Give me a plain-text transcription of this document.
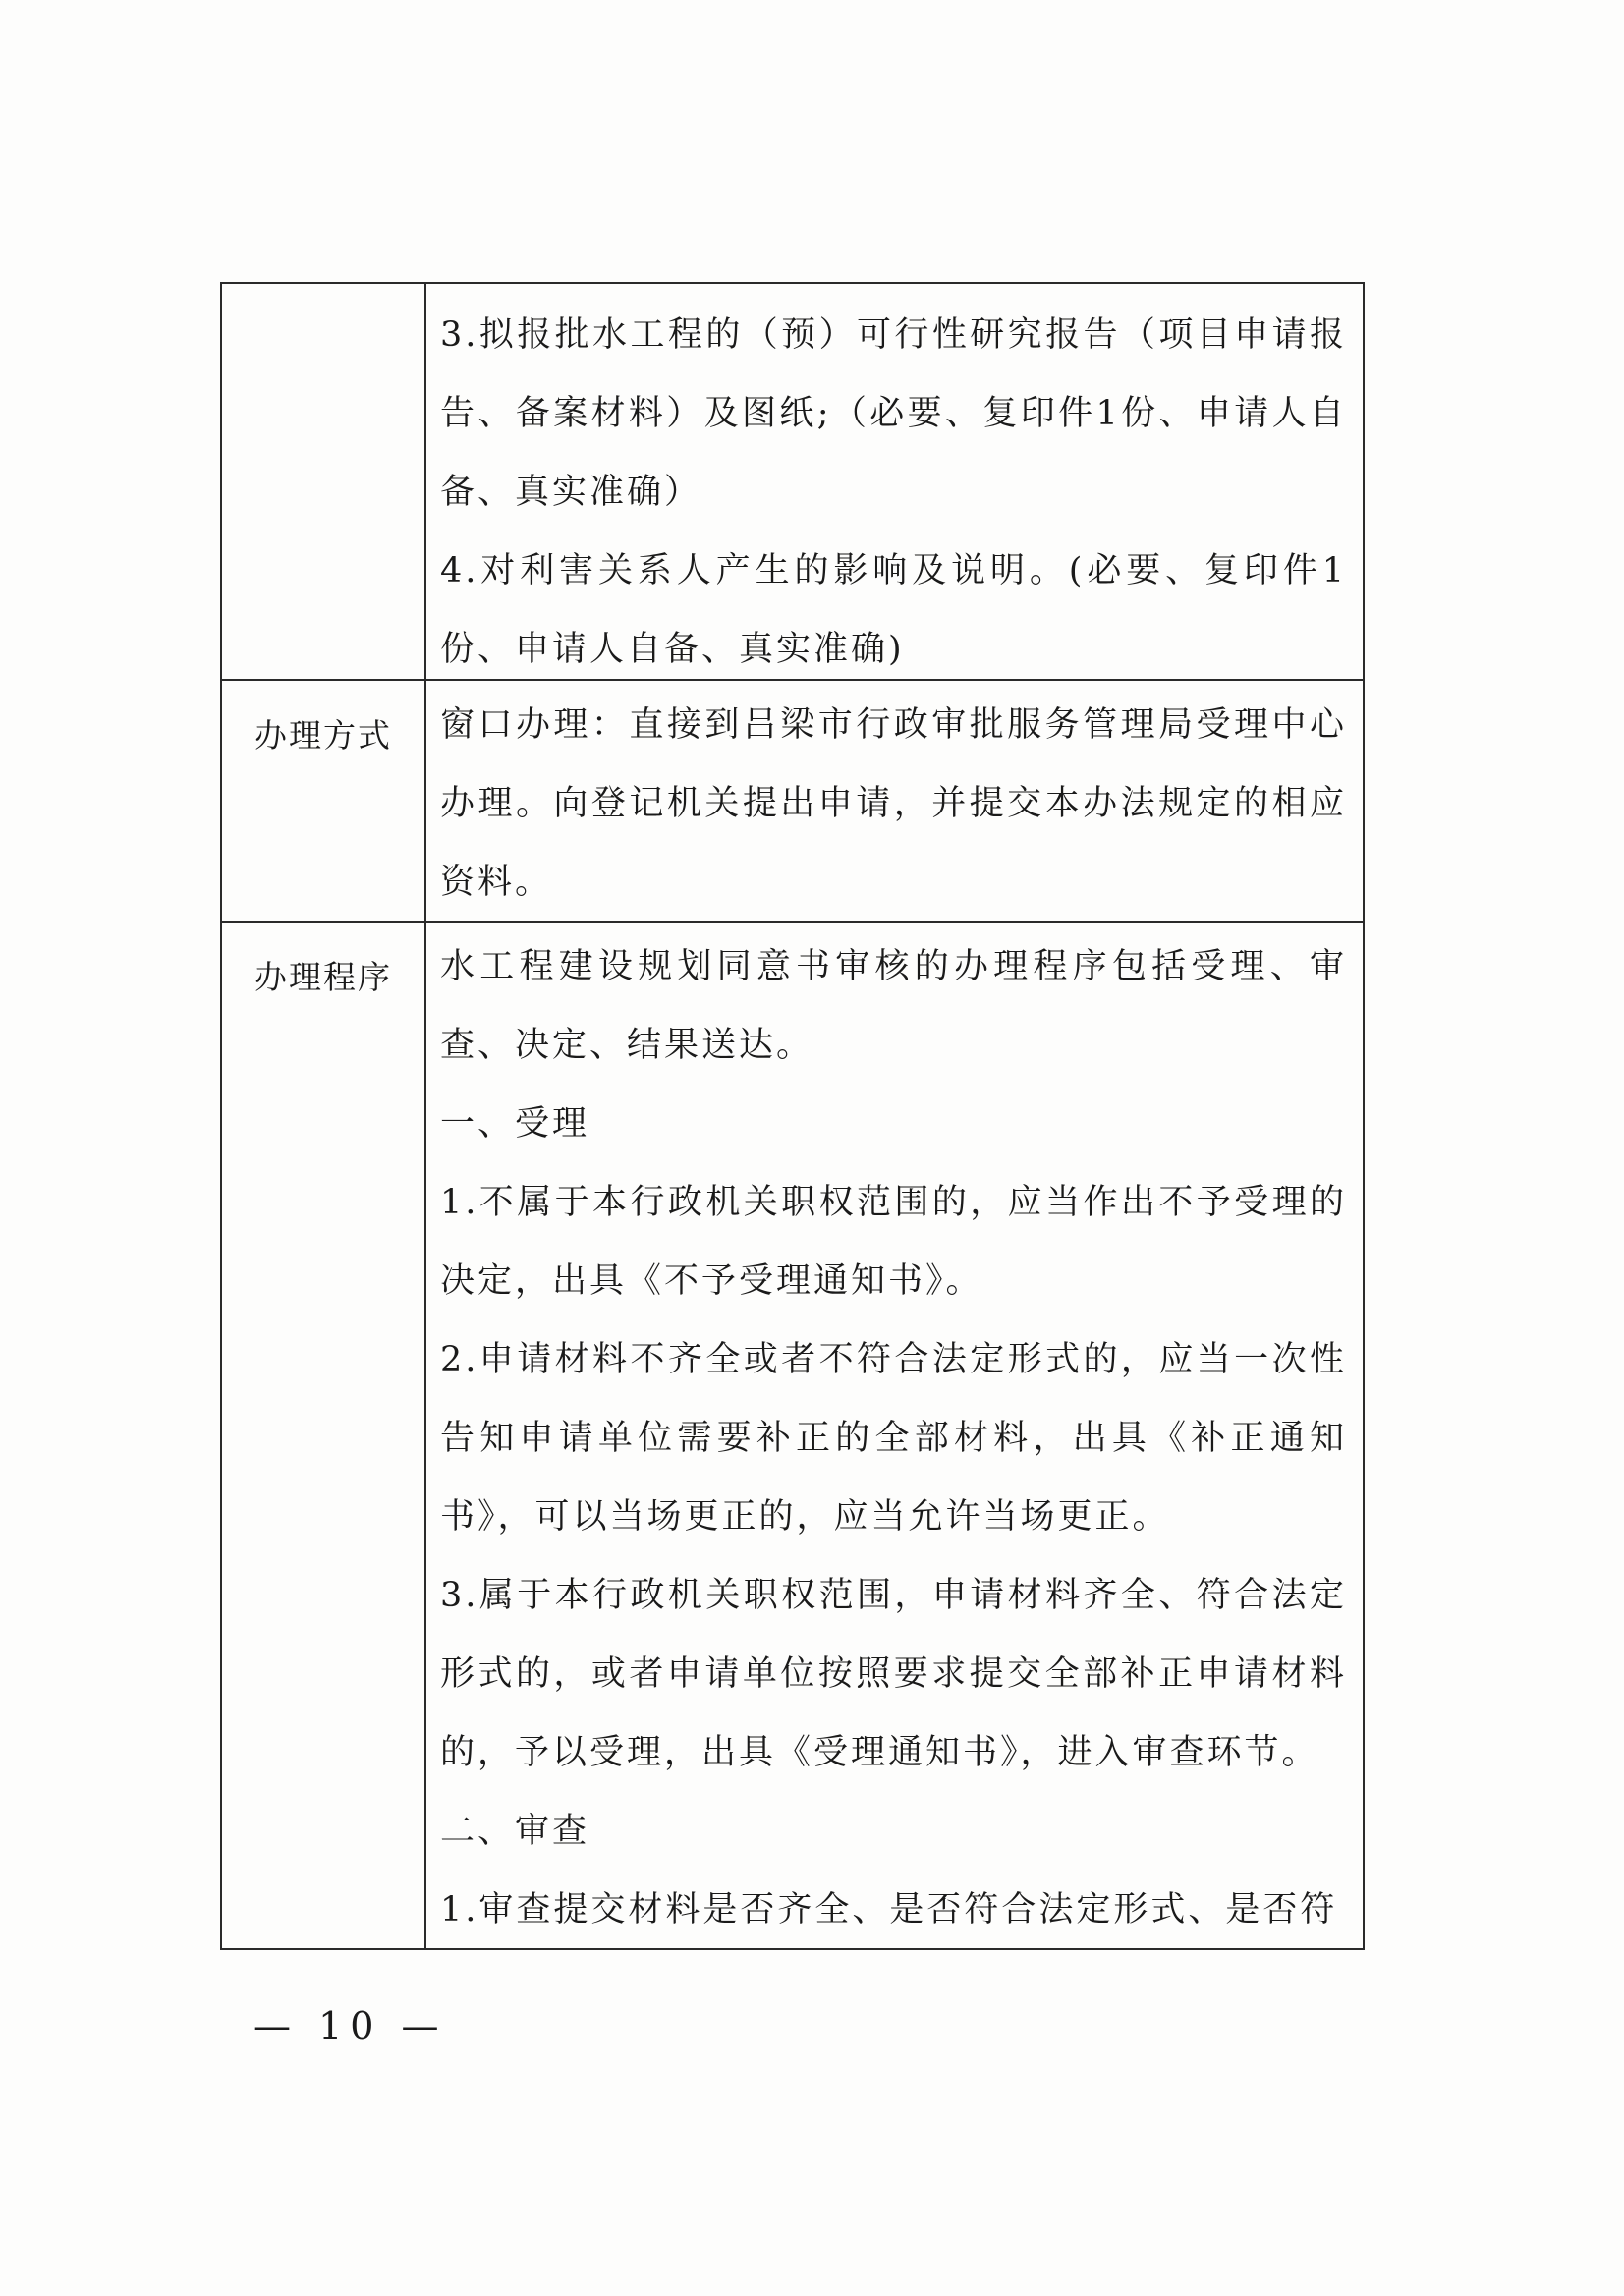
3.拟报批水工程的（预）可行性研究报告（项目申请报告、备案材料）及图纸;（必要、复印件1份、申请人自备、真实准确）

4.对利害关系人产生的影响及说明。(必要、复印件1份、申请人自备、真实准确)

办理方式	窗口办理：直接到吕梁市行政审批服务管理局受理中心办理。向登记机关提出申请，并提交本办法规定的相应资料。

办理程序	水工程建设规划同意书审核的办理程序包括受理、审查、决定、结果送达。

一、受理

1.不属于本行政机关职权范围的，应当作出不予受理的决定，出具《不予受理通知书》。

2.申请材料不齐全或者不符合法定形式的，应当一次性告知申请单位需要补正的全部材料，出具《补正通知书》，可以当场更正的，应当允许当场更正。

3.属于本行政机关职权范围，申请材料齐全、符合法定形式的，或者申请单位按照要求提交全部补正申请材料的，予以受理，出具《受理通知书》，进入审查环节。

二、审查

1.审查提交材料是否齐全、是否符合法定形式、是否符

— 10 —
